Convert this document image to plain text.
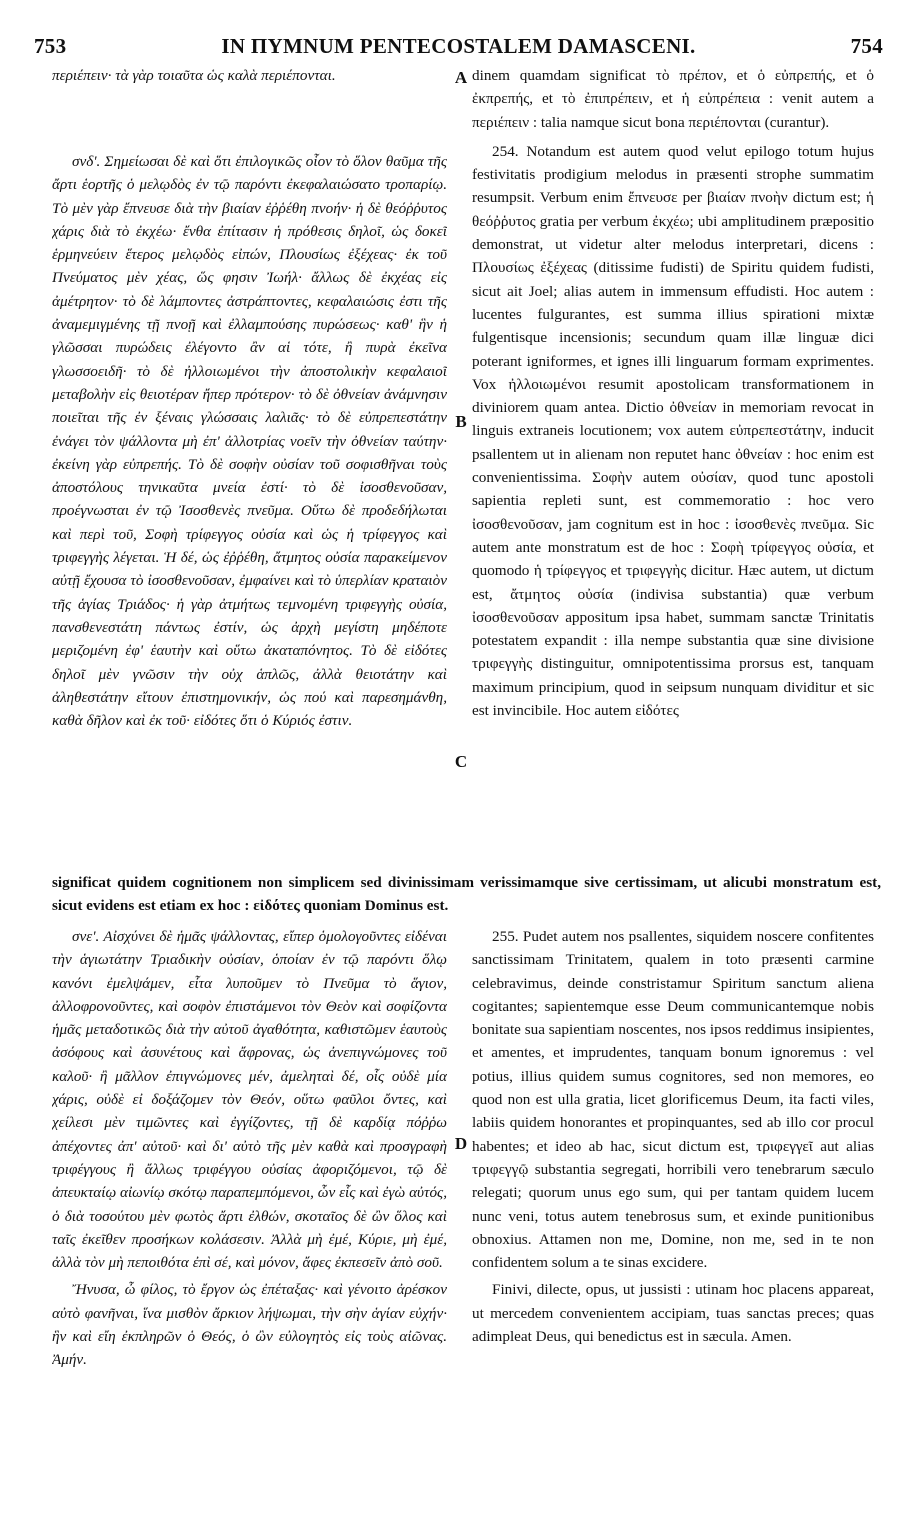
753	IN ΠYMNUM PENTECOSTALEM DAMASCENI.	754

περιέπειν· τὰ γὰρ τοιαῦτα ὡς καλὰ περιέπονται.

σνδʹ. Σημείωσαι δὲ καὶ ὅτι ἐπιλογικῶς οἷον τὸ ὅλον θαῦμα τῆς ἄρτι ἑορτῆς ὁ μελῳδὸς ἐν τῷ παρόντι ἐκεφαλαιώσατο τροπαρίῳ. Τὸ μὲν γὰρ ἔπνευσε διὰ τὴν βιαίαν ἐῤῥέθη πνοήν· ἡ δὲ θεόῤῥυτος χάρις διὰ τὸ ἐκχέω· ἔνθα ἐπίτασιν ἡ πρόθεσις δηλοῖ, ὡς δοκεῖ ἑρμηνεύειν ἕτερος μελῳδὸς εἰπών, Πλουσίως ἐξέχεας· ἐκ τοῦ Πνεύματος μὲν χέας, ὥς φησιν Ἰωήλ· ἄλλως δὲ ἐκχέας εἰς ἀμέτρητον· τὸ δὲ λάμποντες ἀστράπτοντες, κεφαλαιώσις ἐστι τῆς ἀναμεμιγμένης τῇ πνοῇ καὶ ἐλλαμπούσης πυρώσεως· καθ' ἣν ἡ γλῶσσαι πυρώδεις ἐλέγοντο ἂν αἱ τότε, ἢ πυρὰ ἐκεῖνα γλωσσοειδῆ· τὸ δὲ ἠλλοιωμένοι τὴν ἀποστολικὴν κεφαλαιοῖ μεταβολὴν εἰς θειοτέραν ἤπερ πρότερον· τὸ δὲ ὀθνείαν ἀνάμνησιν ποιεῖται τῆς ἐν ξέναις γλώσσαις λαλιᾶς· τὸ δὲ εὐπρεπεστάτην ἐνάγει τὸν ψάλλοντα μὴ ἐπ' ἀλλοτρίας νοεῖν τὴν ὀθνείαν ταύτην· ἐκείνη γὰρ εὐπρεπής. Τὸ δὲ σοφὴν οὐσίαν τοῦ σοφισθῆναι τοὺς ἀποστόλους τηνικαῦτα μνεία ἐστί· τὸ δὲ ἰσοσθενοῦσαν, προέγνωσται ἐν τῷ Ἰσοσθενὲς πνεῦμα. Οὕτω δὲ προδεδήλωται καὶ περὶ τοῦ, Σοφὴ τρίφεγγος οὐσία καὶ ὡς ἡ τρίφεγγος καὶ τριφεγγὴς λέγεται. Ἡ δέ, ὡς ἐῤῥέθη, ἄτμητος οὐσία παρακείμενον αὐτῇ ἔχουσα τὸ ἰσοσθενοῦσαν, ἐμφαίνει καὶ τὸ ὑπερλίαν κραταιὸν τῆς ἁγίας Τριάδος· ἡ γὰρ ἀτμήτως τεμνομένη τριφεγγὴς οὐσία, πανσθενεστάτη πάντως ἐστίν, ὡς ἀρχὴ μεγίστη μηδέποτε μεριζομένη ἐφ' ἑαυτὴν καὶ οὕτω ἀκαταπόνητος. Τὸ δὲ εἰδότες δηλοῖ μὲν γνῶσιν τὴν οὐχ ἁπλῶς, ἀλλὰ θειοτάτην καὶ ἀληθεστάτην εἴτουν ἐπιστημονικήν, ὡς πού καὶ παρεσημάνθη, καθὰ δῆλον καὶ ἐκ τοῦ· εἰδότες ὅτι ὁ Κύριός ἐστιν.

dinem quamdam significat τὸ πρέπον, et ὁ εὐπρεπής, et ὁ ἐκπρεπής, et τὸ ἐπιπρέπειν, et ἡ εὐπρέπεια : venit autem a περιέπειν : talia namque sicut bona περιέπονται (curantur).

254. Notandum est autem quod velut epilogo totum hujus festivitatis prodigium melodus in præsenti strophe summatim resumpsit. Verbum enim ἔπνευσε per βιαίαν πνοὴν dictum est; ἡ θεόῤῥυτος gratia per verbum ἐκχέω; ubi amplitudinem præpositio demonstrat, ut videtur alter melodus interpretari, dicens : Πλουσίως ἐξέχεας (ditissime fudisti) de Spiritu quidem fudisti, sicut ait Joel; alias autem in immensum effudisti. Hoc autem : lucentes fulgurantes, est summa illius spirationi mixtæ fulgentisque incensionis; secundum quam illæ linguæ dici poterant igniformes, et ignes illi linguarum formam exprimentes. Vox ἠλλοιωμένοι resumit apostolicam transformationem in diviniorem quam antea. Dictio ὀθνείαν in memoriam revocat in linguis extraneis locutionem; vox autem εὐπρεπεστάτην, inducit psallentem ut in alienam non reputet hanc ὀθνείαν : hoc enim est convenientissima. Σοφὴν autem οὐσίαν, quod tunc apostoli sapientia repleti sunt, est commemoratio : hoc vero ἰσοσθενοῦσαν, jam cognitum est in hoc : ἰσοσθενὲς πνεῦμα. Sic autem ante monstratum est de hoc : Σοφὴ τρίφεγγος οὐσία, et quomodo ἡ τρίφεγγος et τριφεγγὴς dicitur. Hæc autem, ut dictum est, ἄτμητος οὐσία (indivisa substantia) quæ verbum ἰσοσθενοῦσαν appositum ipsa habet, summam sanctæ Trinitatis potestatem expandit : illa nempe substantia quæ sine divisione τριφεγγὴς distinguitur, omnipotentissima prorsus est, tanquam maximum principium, quod in seipsum nunquam dividitur et sic est invincibile. Hoc autem εἰδότες

A
B
C
D
significat quidem cognitionem non simplicem sed divinissimam verissimamque sive certissimam, ut alicubi monstratum est, sicut evidens est etiam ex hoc : εἰδότες quoniam Dominus est.

σνεʹ. Αἰσχύνει δὲ ἡμᾶς ψάλλοντας, εἴπερ ὁμολογοῦντες εἰδέναι τὴν ἁγιωτάτην Τριαδικὴν οὐσίαν, ὁποίαν ἐν τῷ παρόντι ὅλῳ κανόνι ἐμελψάμεν, εἶτα λυποῦμεν τὸ Πνεῦμα τὸ ἅγιον, ἀλλοφρονοῦντες, καὶ σοφὸν ἐπιστάμενοι τὸν Θεὸν καὶ σοφίζοντα ἡμᾶς μεταδοτικῶς διὰ τὴν αὐτοῦ ἀγαθότητα, καθιστῶμεν ἑαυτοὺς ἀσόφους καὶ ἀσυνέτους καὶ ἄφρονας, ὡς ἀνεπιγνώμονες τοῦ καλοῦ· ἢ μᾶλλον ἐπιγνώμονες μέν, ἀμεληταὶ δέ, οἷς οὐδὲ μία χάρις, οὐδὲ εἰ δοξάζομεν τὸν Θεόν, οὕτω φαῦλοι ὄντες, καὶ χείλεσι μὲν τιμῶντες καὶ ἐγγίζοντες, τῇ δὲ καρδίᾳ πόῤῥω ἀπέχοντες ἀπ' αὐτοῦ· καὶ δι' αὐτὸ τῆς μὲν καθὰ καὶ προσγραφὴ τριφέγγους ἢ ἄλλως τριφέγγου οὐσίας ἀφοριζόμενοι, τῷ δὲ ἀπευκταίῳ αἰωνίῳ σκότῳ παραπεμπόμενοι, ὧν εἷς καὶ ἐγὼ αὐτός, ὁ διὰ τοσούτου μὲν φωτὸς ἄρτι ἐλθών, σκοταῖος δὲ ὢν ὅλος καὶ ταῖς ἐκεῖθεν προσήκων κολάσεσιν. Ἀλλὰ μὴ ἐμέ, Κύριε, μὴ ἐμέ, ἀλλὰ τὸν μὴ πεποιθότα ἐπὶ σέ, καὶ μόνον, ἄφες ἐκπεσεῖν ἀπὸ σοῦ.

Ἤνυσα, ὦ φίλος, τὸ ἔργον ὡς ἐπέταξας· καὶ γένοιτο ἀρέσκον αὐτὸ φανῆναι, ἵνα μισθὸν ἄρκιον λήψωμαι, τὴν σὴν ἁγίαν εὐχήν· ἣν καὶ εἴη ἐκπληρῶν ὁ Θεός, ὁ ὢν εὐλογητὸς εἰς τοὺς αἰῶνας. Ἀμήν.

255. Pudet autem nos psallentes, siquidem noscere confitentes sanctissimam Trinitatem, qualem in toto præsenti carmine celebravimus, deinde constristamur Spiritum sanctum aliena cogitantes; sapientemque esse Deum communicantemque nobis bonitate sua sapientiam noscentes, nos ipsos reddimus insipientes, et amentes, et imprudentes, tanquam bonum ignoremus : vel potius, illius quidem sumus cognitores, sed non memores, eo quod non est ulla gratia, licet glorificemus Deum, ita facti viles, labiis quidem honorantes et propinquantes, sed ab illo cor procul habentes; et ideo ab hac, sicut dictum est, τριφεγγεῖ aut alias τριφεγγῷ substantia segregati, horribili vero tenebrarum sæculo relegati; quorum unus ego sum, qui per tantam quidem lucem nunc veni, totus autem tenebrosus sum, et exinde punitionibus obnoxius. Attamen non me, Domine, non me, sed in te non confidentem solum a te sinas excidere.

Finivi, dilecte, opus, ut jussisti : utinam hoc placens appareat, ut mercedem convenientem accipiam, tuas sanctas preces; quas adimpleat Deus, qui benedictus est in sæcula. Amen.
